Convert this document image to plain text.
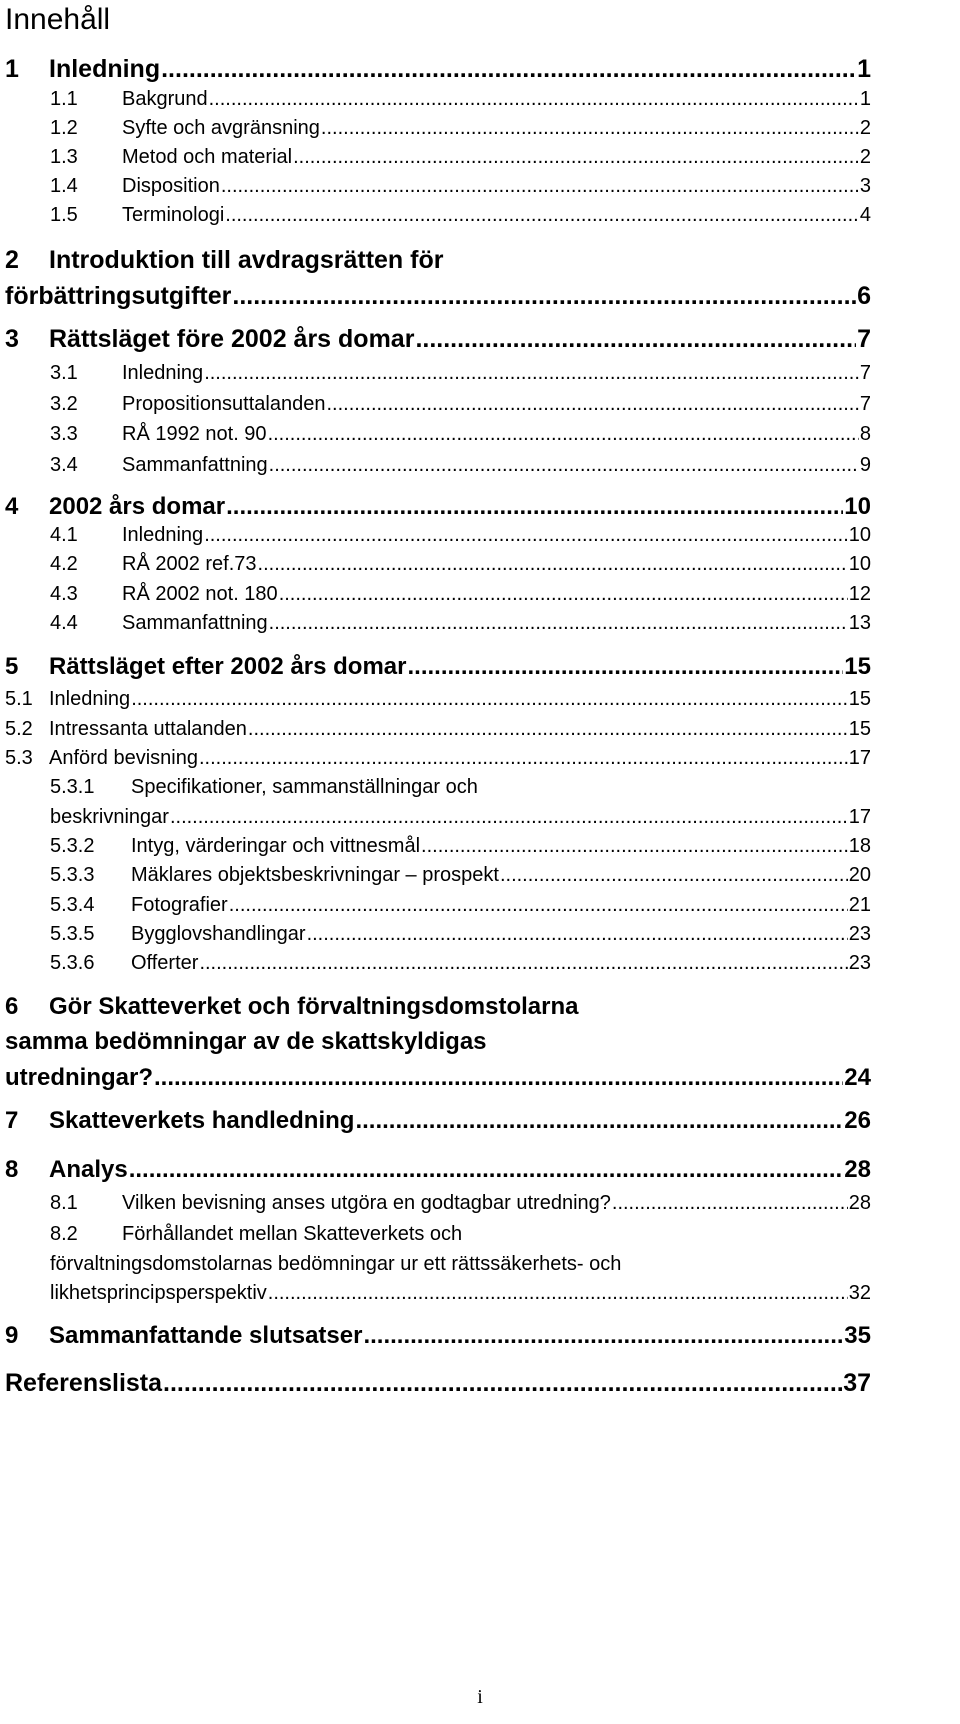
Innehåll
1	Inledning .....	1
1.1	Bakgrund .....	1
1.2	Syfte och avgränsning .....	2
1.3	Metod och material .....	2
1.4	Disposition .....	3
1.5	Terminologi .....	4
2 Introduktion till avdragsrätten för
förbättringsutgifter .....	6
3	Rättsläget före 2002 års domar .....	7
3.1	Inledning .....	7
3.2	Propositionsuttalanden .....	7
3.3	RÅ 1992 not. 90 .....	8
3.4	Sammanfattning .....	9
4	2002 års domar .....	10
4.1	Inledning .....	10
4.2	RÅ 2002 ref.73 .....	10
4.3	RÅ 2002 not. 180 .....	12
4.4	Sammanfattning .....	13
5	Rättsläget efter 2002 års domar .....	15
5.1 Inledning .....	15
5.2 Intressanta uttalanden .....	15
5.3 Anförd bevisning .....	17
5.3.1 Specifikationer, sammanställningar och
beskrivningar .....	17
5.3.2	Intyg, värderingar och vittnesmål .....	18
5.3.3	Mäklares objektsbeskrivningar – prospekt .....	20
5.3.4	Fotografier .....	21
5.3.5	Bygglovshandlingar .....	23
5.3.6	Offerter .....	23
6 Gör Skatteverket och förvaltningsdomstolarna
samma bedömningar av de skattskyldigas
utredningar? .....	24
7	Skatteverkets handledning .....	26
8	Analys .....	28
8.1	Vilken bevisning anses utgöra en godtagbar utredning? .....	28
8.2 Förhållandet mellan Skatteverkets och
förvaltningsdomstolarnas bedömningar ur ett rättssäkerhets- och
likhetsprincipsperspektiv .....	32
9	Sammanfattande slutsatser .....	35
Referenslista .....	37
i
